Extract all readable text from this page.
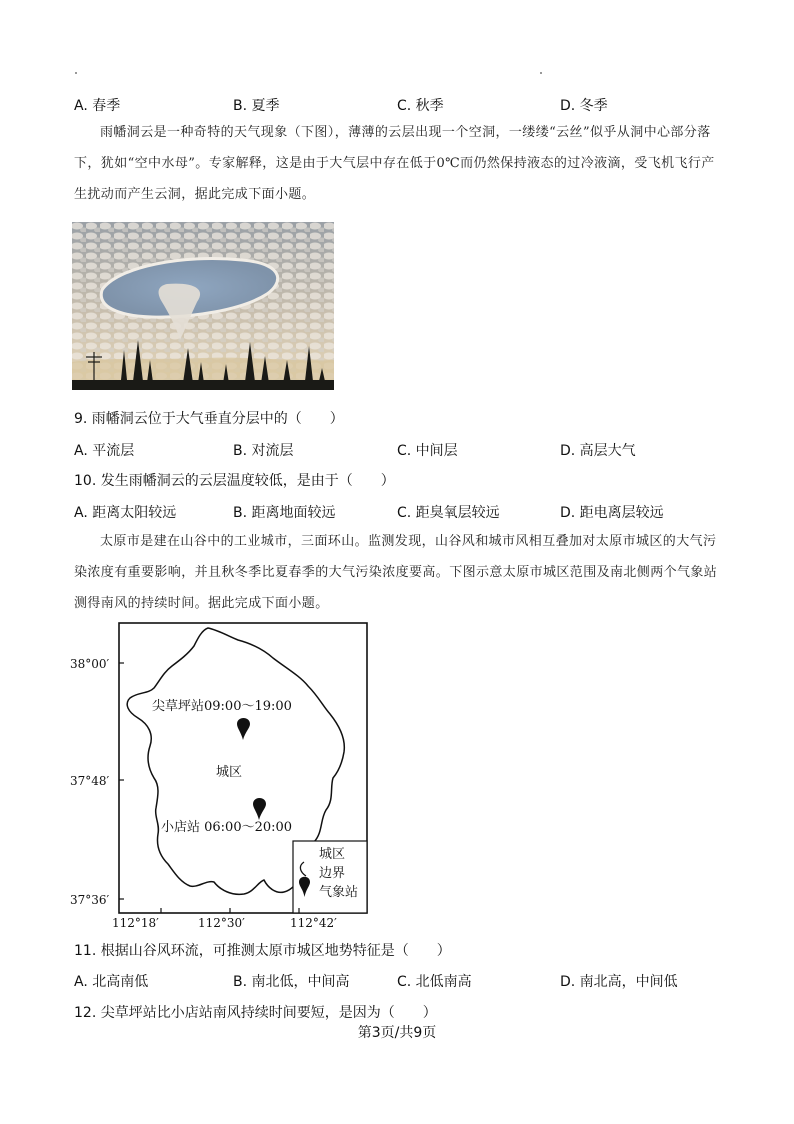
A. 春季	B. 夏季	C. 秋季	D. 冬季
雨幡洞云是一种奇特的天气现象（下图），薄薄的云层出现一个空洞，一缕缕“云丝”似乎从洞中心部分落下，犹如“空中水母”。专家解释，这是由于大气层中存在低于0℃而仍然保持液态的过冷液滴，受飞机飞行产生扰动而产生云洞，据此完成下面小题。
9. 雨幡洞云位于大气垂直分层中的（　　）
A. 平流层	B. 对流层	C. 中间层	D. 高层大气
10. 发生雨幡洞云的云层温度较低，是由于（　　）
A. 距离太阳较远	B. 距离地面较远	C. 距臭氧层较远	D. 距电离层较远
太原市是建在山谷中的工业城市，三面环山。监测发现，山谷风和城市风相互叠加对太原市城区的大气污染浓度有重要影响，并且秋冬季比夏春季的大气污染浓度要高。下图示意太原市城区范围及南北侧两个气象站测得南风的持续时间。据此完成下面小题。
38°00′
37°48′
37°36′
112°18′	112°30′	112°42′
尖草坪站09:00～19:00
城区
小店站 06:00～20:00
城区
边界
气象站
11. 根据山谷风环流，可推测太原市城区地势特征是（　　）
A. 北高南低	B. 南北低，中间高	C. 北低南高	D. 南北高，中间低
12. 尖草坪站比小店站南风持续时间要短，是因为（　　）
第3页/共9页
